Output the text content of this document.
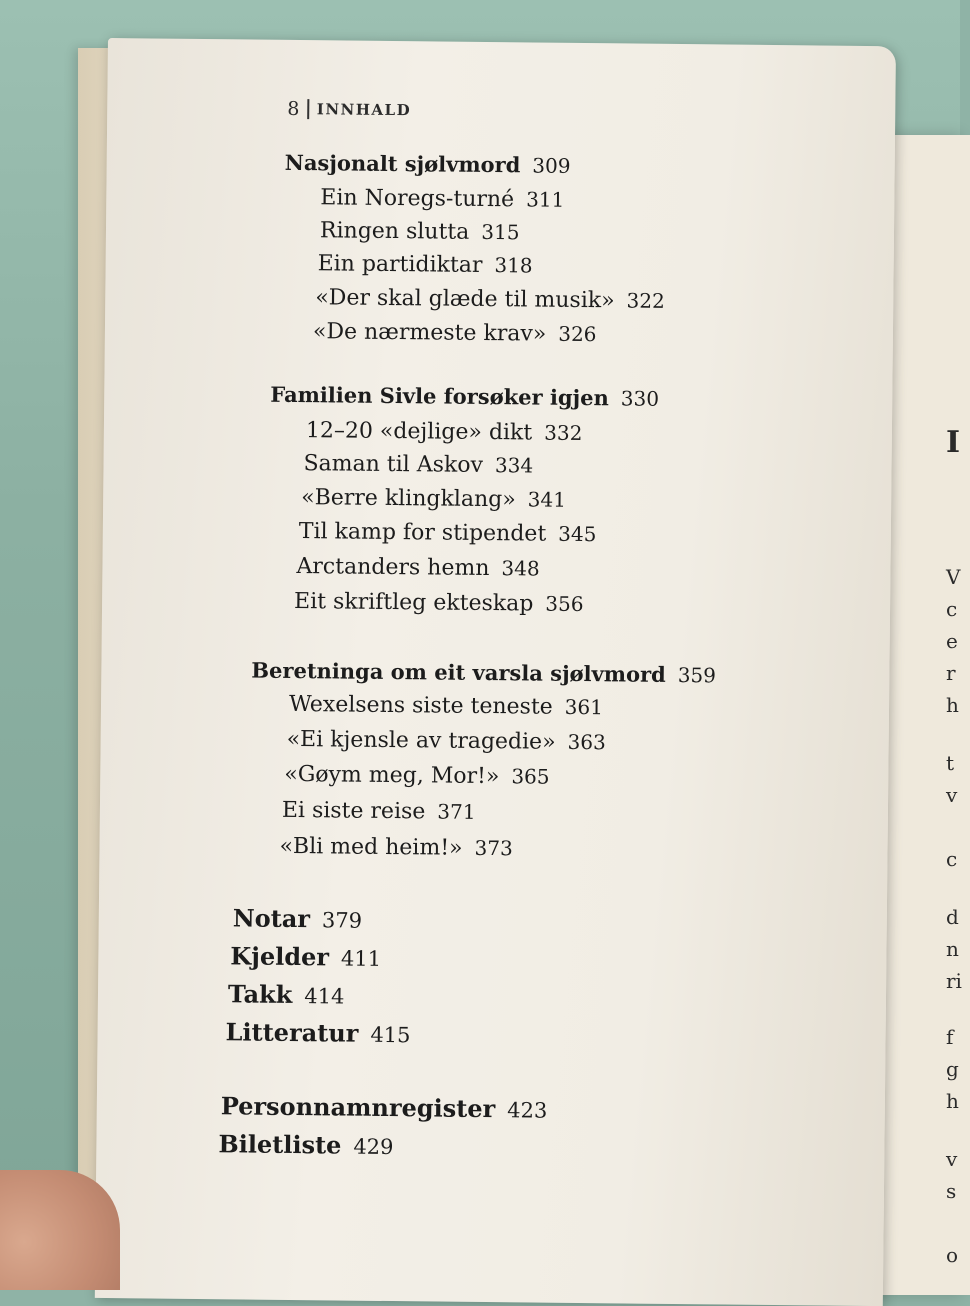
I
V
c
e
r
h
t
v
c
d
n
ri
f
g
h
v
s
o
8 INNHALD
Nasjonalt sjølvmord 309
Ein Noregs-turné 311
Ringen slutta 315
Ein partidiktar 318
«Der skal glæde til musik» 322
«De nærmeste krav» 326
Familien Sivle forsøker igjen 330
12–20 «dejlige» dikt 332
Saman til Askov 334
«Berre klingklang» 341
Til kamp for stipendet 345
Arctanders hemn 348
Eit skriftleg ekteskap 356
Beretninga om eit varsla sjølvmord 359
Wexelsens siste teneste 361
«Ei kjensle av tragedie» 363
«Gøym meg, Mor!» 365
Ei siste reise 371
«Bli med heim!» 373
Notar 379
Kjelder 411
Takk 414
Litteratur 415
Personnamnregister 423
Biletliste 429
